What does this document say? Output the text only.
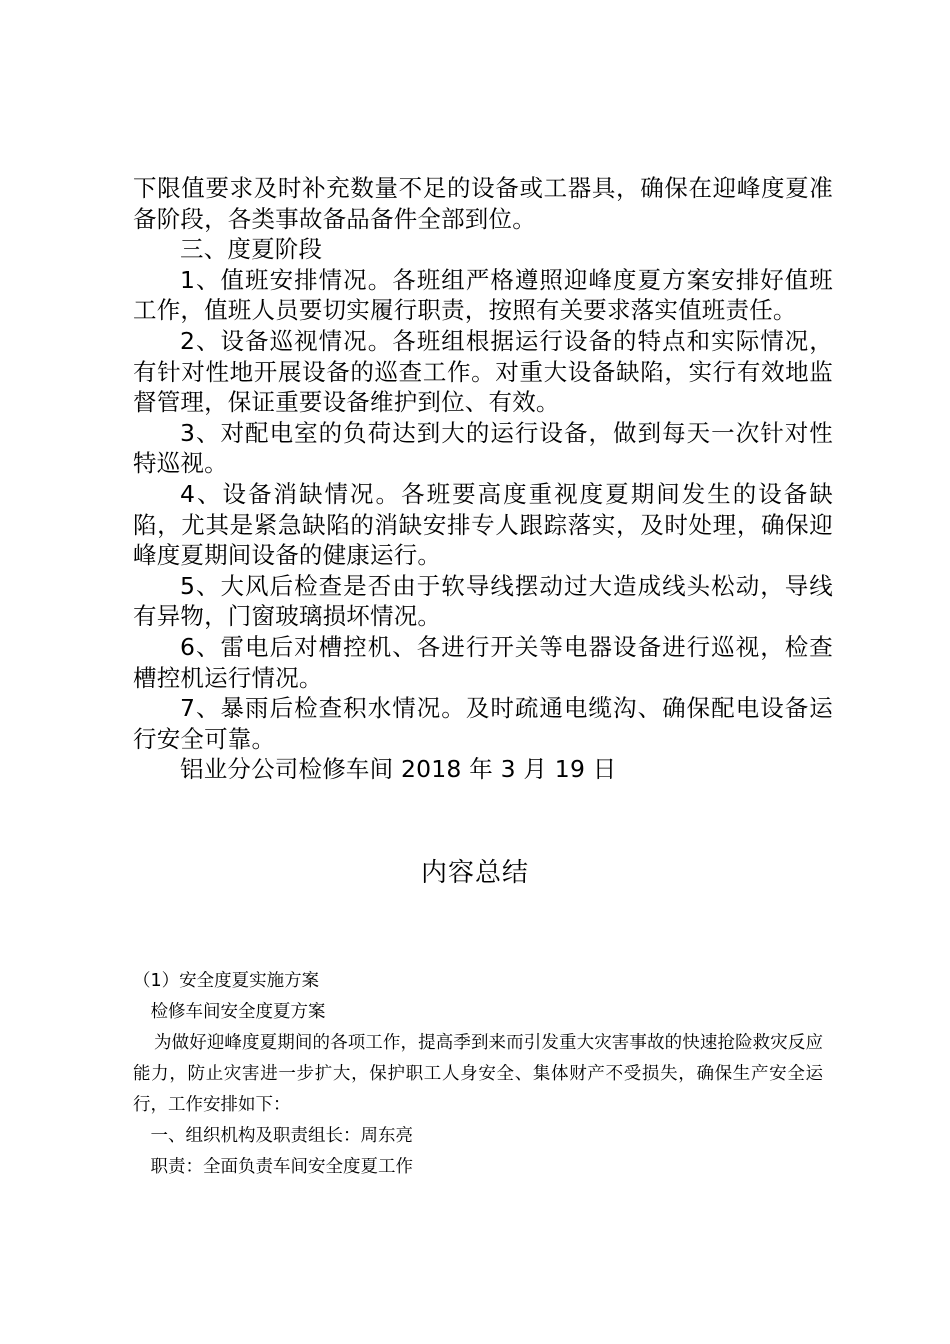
下限值要求及时补充数量不足的设备或工器具，确保在迎峰度夏准备阶段，各类事故备品备件全部到位。

三、度夏阶段

1、值班安排情况。各班组严格遵照迎峰度夏方案安排好值班工作，值班人员要切实履行职责，按照有关要求落实值班责任。

2、设备巡视情况。各班组根据运行设备的特点和实际情况，有针对性地开展设备的巡查工作。对重大设备缺陷，实行有效地监督管理，保证重要设备维护到位、有效。

3、对配电室的负荷达到大的运行设备，做到每天一次针对性特巡视。

4、设备消缺情况。各班要高度重视度夏期间发生的设备缺陷，尤其是紧急缺陷的消缺安排专人跟踪落实，及时处理，确保迎峰度夏期间设备的健康运行。

5、大风后检查是否由于软导线摆动过大造成线头松动，导线有异物，门窗玻璃损坏情况。

6、雷电后对槽控机、各进行开关等电器设备进行巡视，检查槽控机运行情况。

7、暴雨后检查积水情况。及时疏通电缆沟、确保配电设备运行安全可靠。

铝业分公司检修车间 2018 年 3 月 19 日

内容总结

（1）安全度夏实施方案

检修车间安全度夏方案

为做好迎峰度夏期间的各项工作，提高季到来而引发重大灾害事故的快速抢险救灾反应能力，防止灾害进一步扩大，保护职工人身安全、集体财产不受损失，确保生产安全运行，工作安排如下：

一、组织机构及职责组长：周东亮

职责：全面负责车间安全度夏工作
